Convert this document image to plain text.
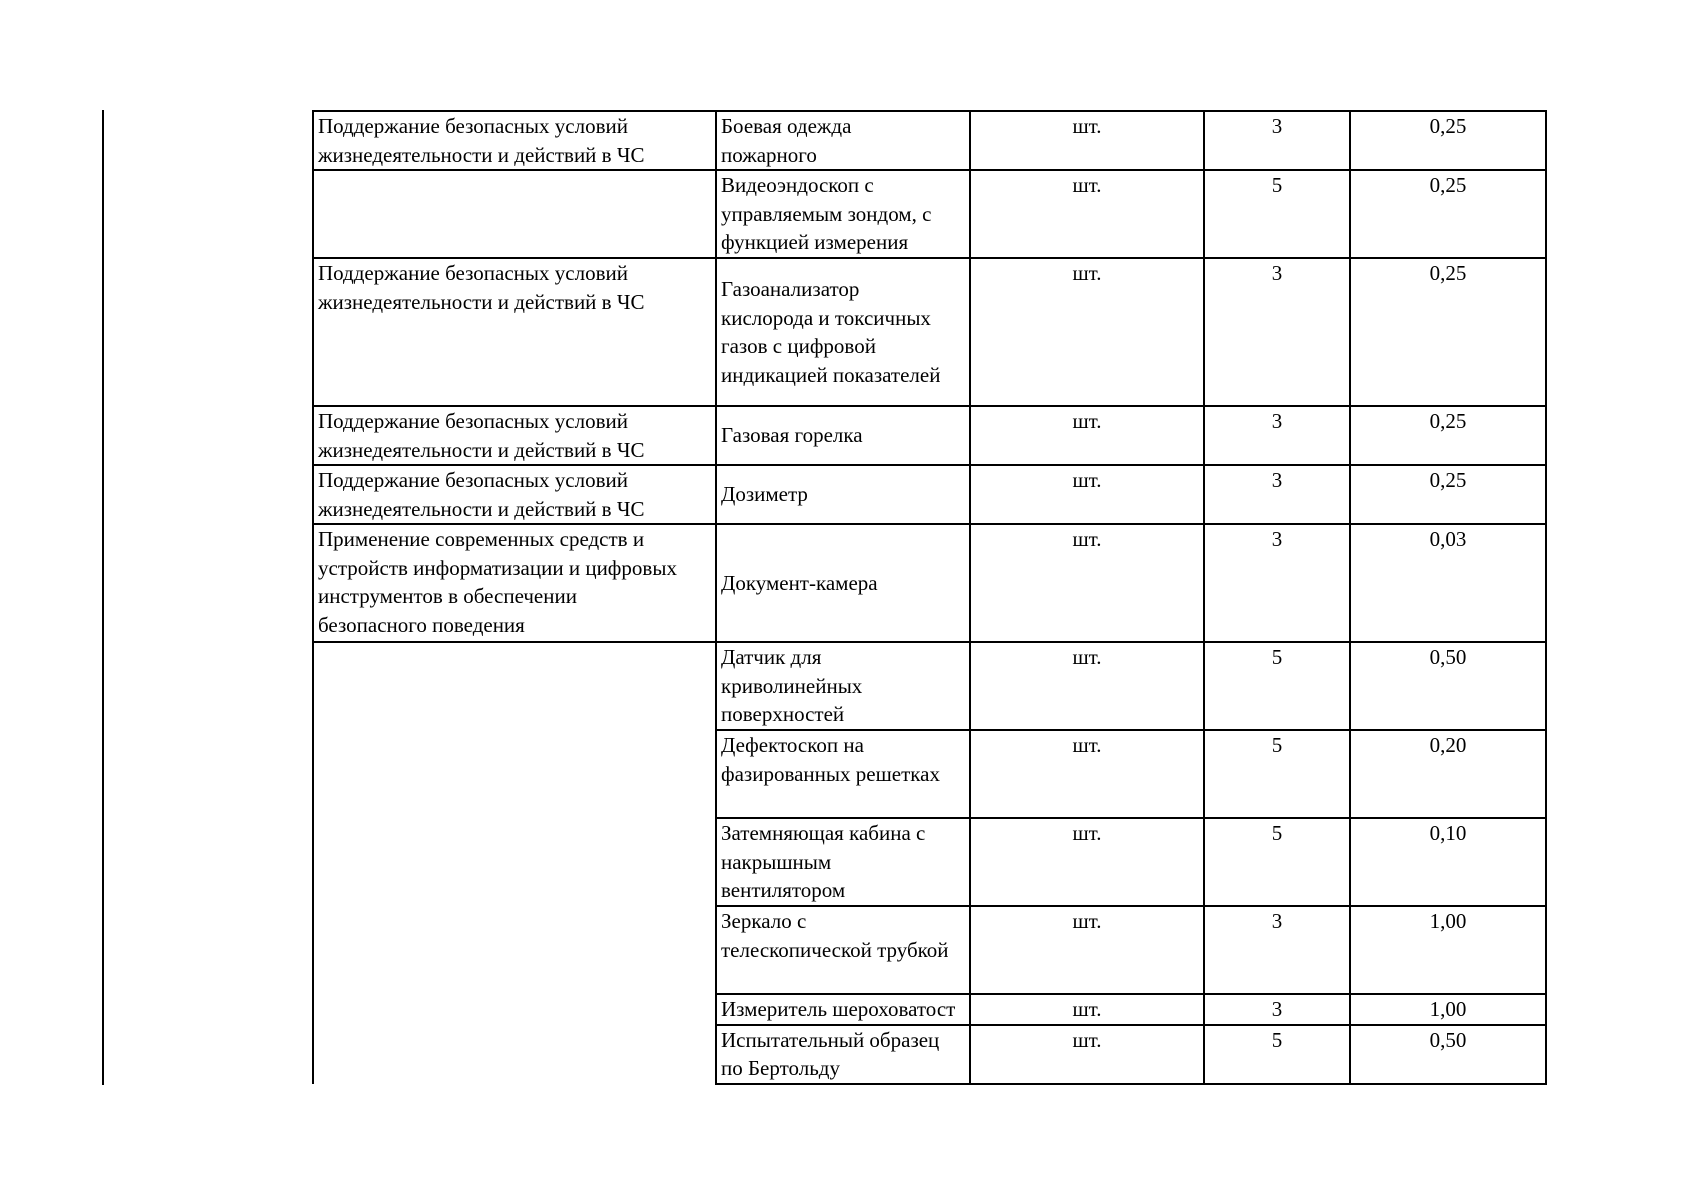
Поддержание безопасных условий
жизнедеятельности и действий в ЧС	Боевая одежда
пожарного	шт.	3	0,25
	Видеоэндоскоп с
управляемым зондом, с
функцией измерения	шт.	5	0,25
Поддержание безопасных условий
жизнедеятельности и действий в ЧС	Газоанализатор
кислорода и токсичных
газов с цифровой
индикацией показателей	шт.	3	0,25
Поддержание безопасных условий
жизнедеятельности и действий в ЧС	Газовая горелка	шт.	3	0,25
Поддержание безопасных условий
жизнедеятельности и действий в ЧС	Дозиметр	шт.	3	0,25
Применение современных средств и
устройств информатизации и цифровых
инструментов в обеспечении
безопасного поведения	Документ-камера	шт.	3	0,03
	Датчик для
криволинейных
поверхностей	шт.	5	0,50
	Дефектоскоп на
фазированных решетках	шт.	5	0,20
	Затемняющая кабина с
накрышным
вентилятором	шт.	5	0,10
	Зеркало с
телескопической трубкой	шт.	3	1,00
	Измеритель шероховатост	шт.	3	1,00
	Испытательный образец
по Бертольду	шт.	5	0,50
